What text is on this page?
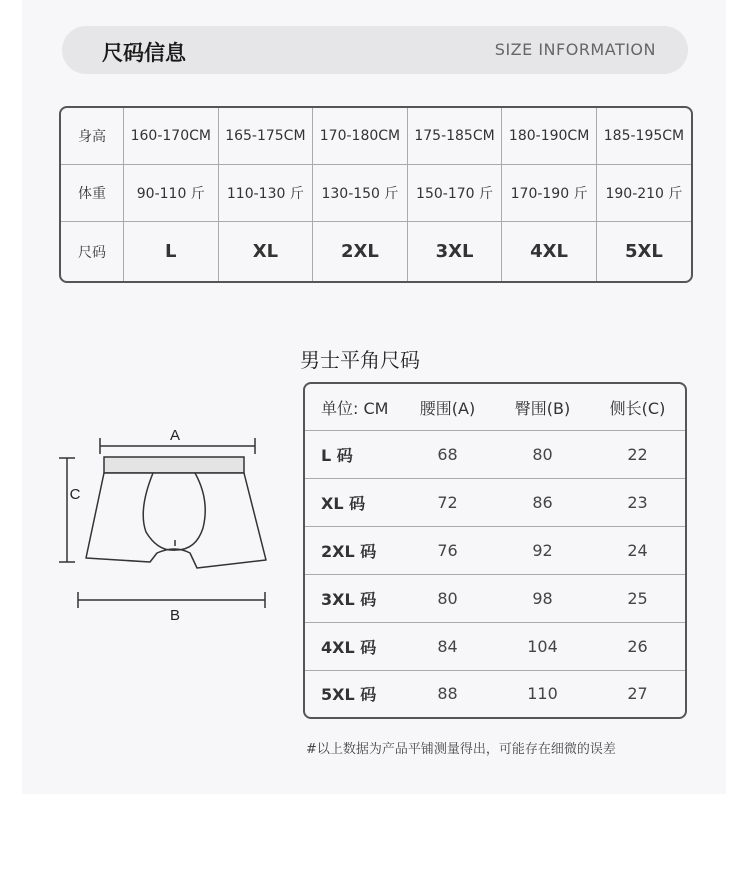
尺码信息	SIZE INFORMATION
身高	160-170CM	165-175CM	170-180CM	175-185CM	180-190CM	185-195CM
体重	90-110 斤	110-130 斤	130-150 斤	150-170 斤	170-190 斤	190-210 斤
尺码	L	XL	2XL	3XL	4XL	5XL
男士平角尺码
A
C
B
单位: CM	腰围(A)	臀围(B)	侧长(C)
L 码	68	80	22
XL 码	72	86	23
2XL 码	76	92	24
3XL 码	80	98	25
4XL 码	84	104	26
5XL 码	88	110	27
#以上数据为产品平铺测量得出，可能存在细微的误差
